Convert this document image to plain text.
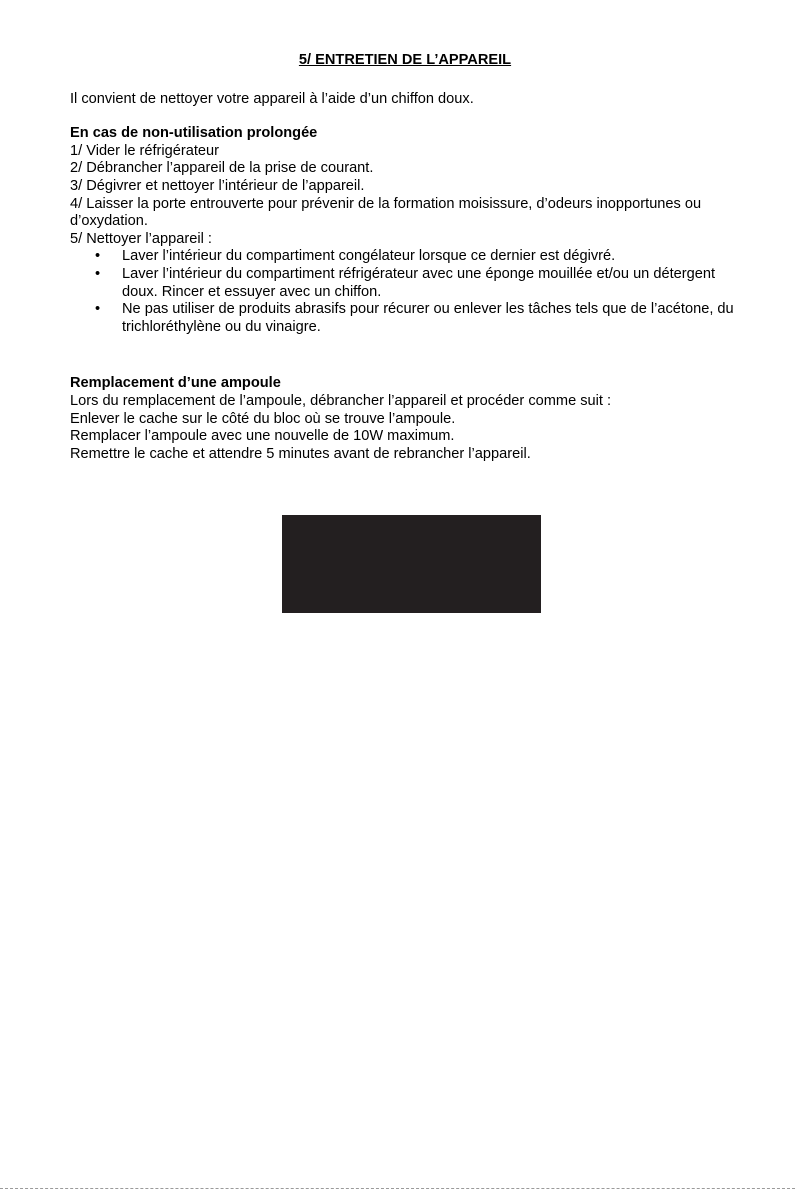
5/ ENTRETIEN DE L’APPAREIL

Il convient de nettoyer votre appareil à l’aide d’un chiffon doux.

En cas de non-utilisation prolongée

1/ Vider le réfrigérateur

2/ Débrancher l’appareil de la prise de courant.

3/ Dégivrer et nettoyer l’intérieur de l’appareil.

4/ Laisser la porte entrouverte pour prévenir de la formation moisissure, d’odeurs inopportunes ou d’oxydation.

5/ Nettoyer l’appareil :

• Laver l’intérieur du compartiment congélateur lorsque ce dernier est dégivré.
• Laver l’intérieur du compartiment réfrigérateur avec une éponge mouillée et/ou un détergent doux. Rincer et essuyer avec un chiffon.
• Ne pas utiliser de produits abrasifs pour récurer ou enlever les tâches tels que de l’acétone, du trichloréthylène ou du vinaigre.

Remplacement d’une ampoule

Lors du remplacement de l’ampoule, débrancher l’appareil et procéder comme suit :

Enlever le cache sur le côté du bloc où se trouve l’ampoule.

Remplacer l’ampoule avec une nouvelle de 10W maximum.

Remettre le cache et attendre 5 minutes avant de rebrancher l’appareil.
